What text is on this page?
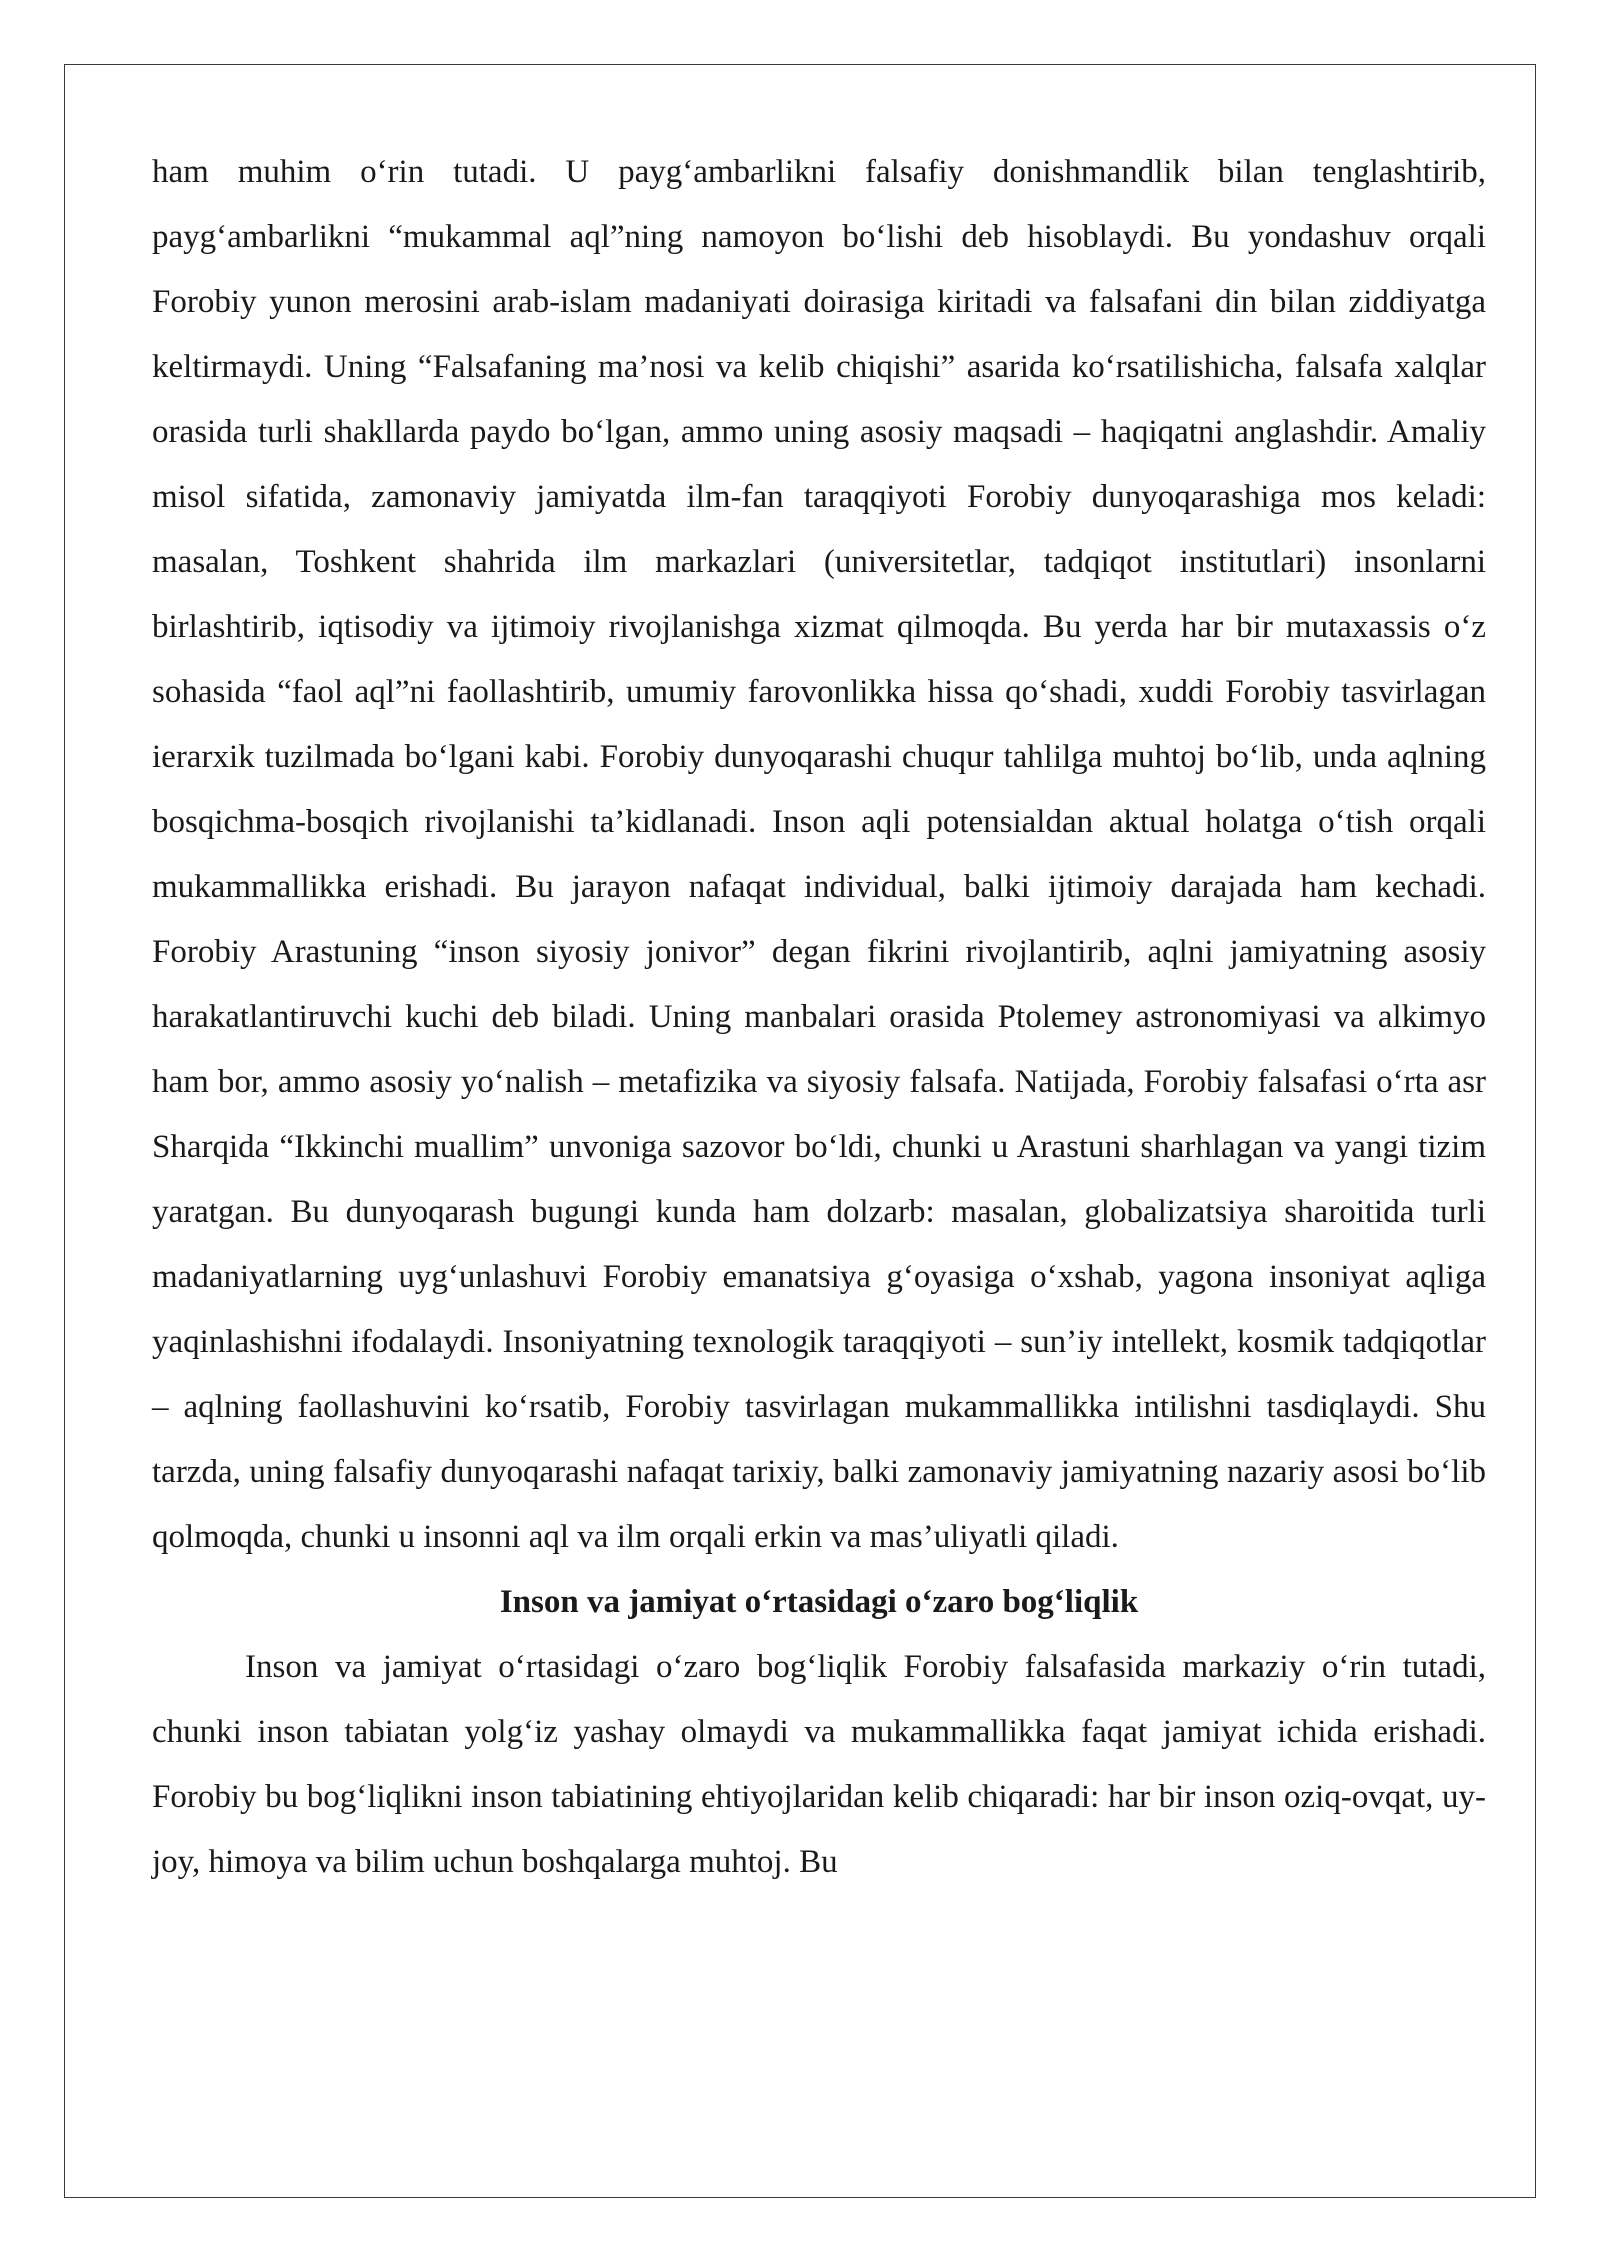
ham muhim o‘rin tutadi. U payg‘ambarlikni falsafiy donishmandlik bilan tenglashtirib, payg‘ambarlikni “mukammal aql”ning namoyon bo‘lishi deb hisoblaydi. Bu yondashuv orqali Forobiy yunon merosini arab-islam madaniyati doirasiga kiritadi va falsafani din bilan ziddiyatga keltirmaydi. Uning “Falsafaning ma’nosi va kelib chiqishi” asarida ko‘rsatilishicha, falsafa xalqlar orasida turli shakllarda paydo bo‘lgan, ammo uning asosiy maqsadi – haqiqatni anglashdir. Amaliy misol sifatida, zamonaviy jamiyatda ilm-fan taraqqiyoti Forobiy dunyoqarashiga mos keladi: masalan, Toshkent shahrida ilm markazlari (universitetlar, tadqiqot institutlari) insonlarni birlashtirib, iqtisodiy va ijtimoiy rivojlanishga xizmat qilmoqda. Bu yerda har bir mutaxassis o‘z sohasida “faol aql”ni faollashtirib, umumiy farovonlikka hissa qo‘shadi, xuddi Forobiy tasvirlagan ierarxik tuzilmada bo‘lgani kabi. Forobiy dunyoqarashi chuqur tahlilga muhtoj bo‘lib, unda aqlning bosqichma-bosqich rivojlanishi ta’kidlanadi. Inson aqli potensialdan aktual holatga o‘tish orqali mukammallikka erishadi. Bu jarayon nafaqat individual, balki ijtimoiy darajada ham kechadi. Forobiy Arastuning “inson siyosiy jonivor” degan fikrini rivojlantirib, aqlni jamiyatning asosiy harakatlantiruvchi kuchi deb biladi. Uning manbalari orasida Ptolemey astronomiyasi va alkimyo ham bor, ammo asosiy yo‘nalish – metafizika va siyosiy falsafa. Natijada, Forobiy falsafasi o‘rta asr Sharqida “Ikkinchi muallim” unvoniga sazovor bo‘ldi, chunki u Arastuni sharhlagan va yangi tizim yaratgan. Bu dunyoqarash bugungi kunda ham dolzarb: masalan, globalizatsiya sharoitida turli madaniyatlarning uyg‘unlashuvi Forobiy emanatsiya g‘oyasiga o‘xshab, yagona insoniyat aqliga yaqinlashishni ifodalaydi. Insoniyatning texnologik taraqqiyoti – sun’iy intellekt, kosmik tadqiqotlar – aqlning faollashuvini ko‘rsatib, Forobiy tasvirlagan mukammallikka intilishni tasdiqlaydi. Shu tarzda, uning falsafiy dunyoqarashi nafaqat tarixiy, balki zamonaviy jamiyatning nazariy asosi bo‘lib qolmoqda, chunki u insonni aql va ilm orqali erkin va mas’uliyatli qiladi.

Inson va jamiyat o‘rtasidagi o‘zaro bog‘liqlik

Inson va jamiyat o‘rtasidagi o‘zaro bog‘liqlik Forobiy falsafasida markaziy o‘rin tutadi, chunki inson tabiatan yolg‘iz yashay olmaydi va mukammallikka faqat jamiyat ichida erishadi. Forobiy bu bog‘liqlikni inson tabiatining ehtiyojlaridan kelib chiqaradi: har bir inson oziq-ovqat, uy-joy, himoya va bilim uchun boshqalarga muhtoj. Bu
